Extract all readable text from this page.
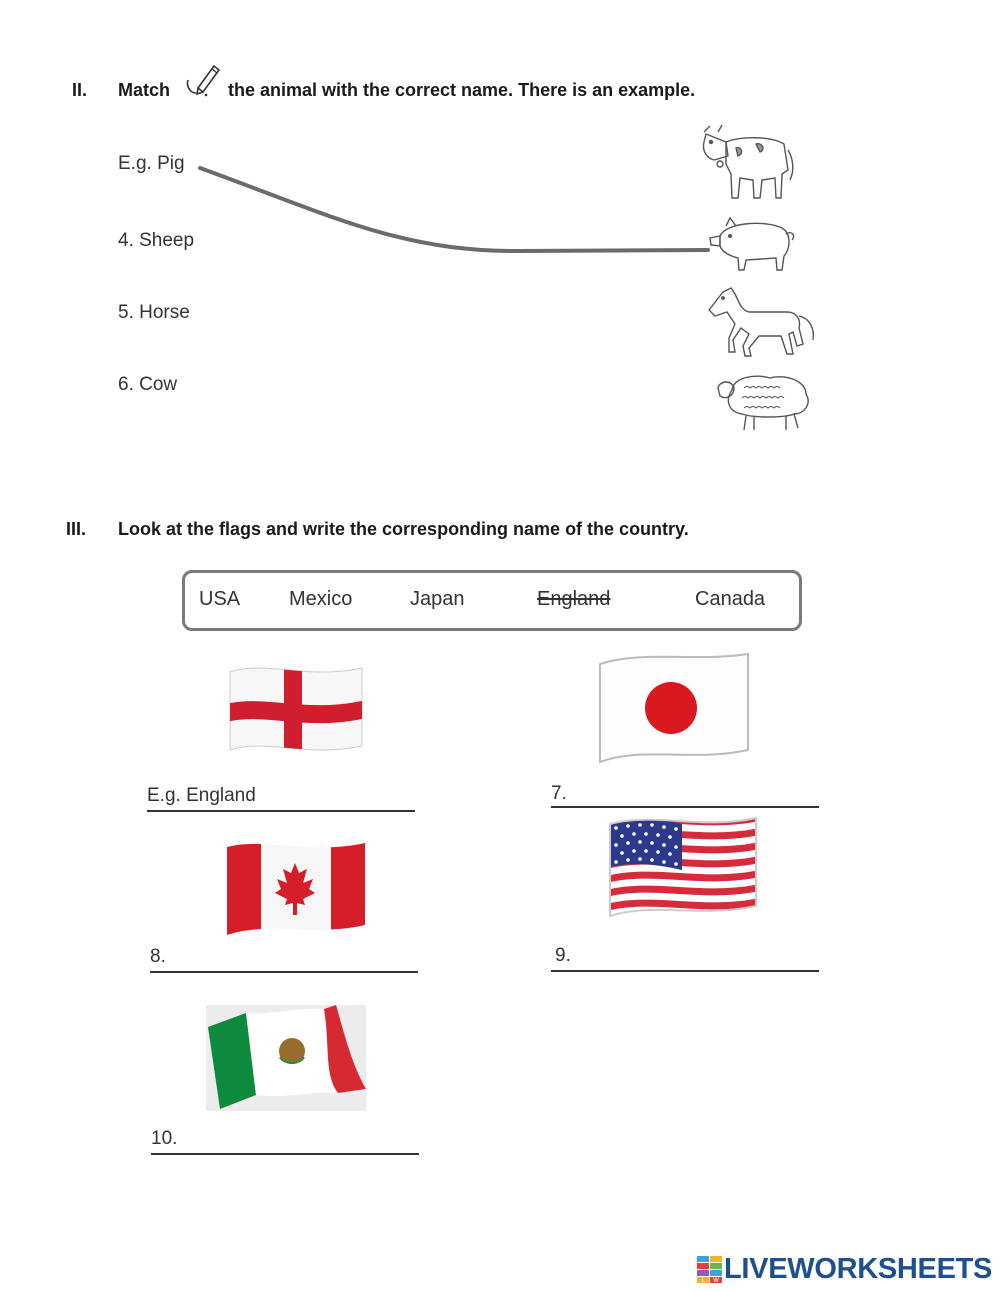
II. Match	the animal with the correct name. There is an example.
E.g. Pig
4. Sheep
5. Horse
6. Cow
III. Look at the flags and write the corresponding name of the country.
USA Mexico	Japan	England	Canada
E.g. England	7.
8.	9.
10.
L W LIVEWORKSHEETS
